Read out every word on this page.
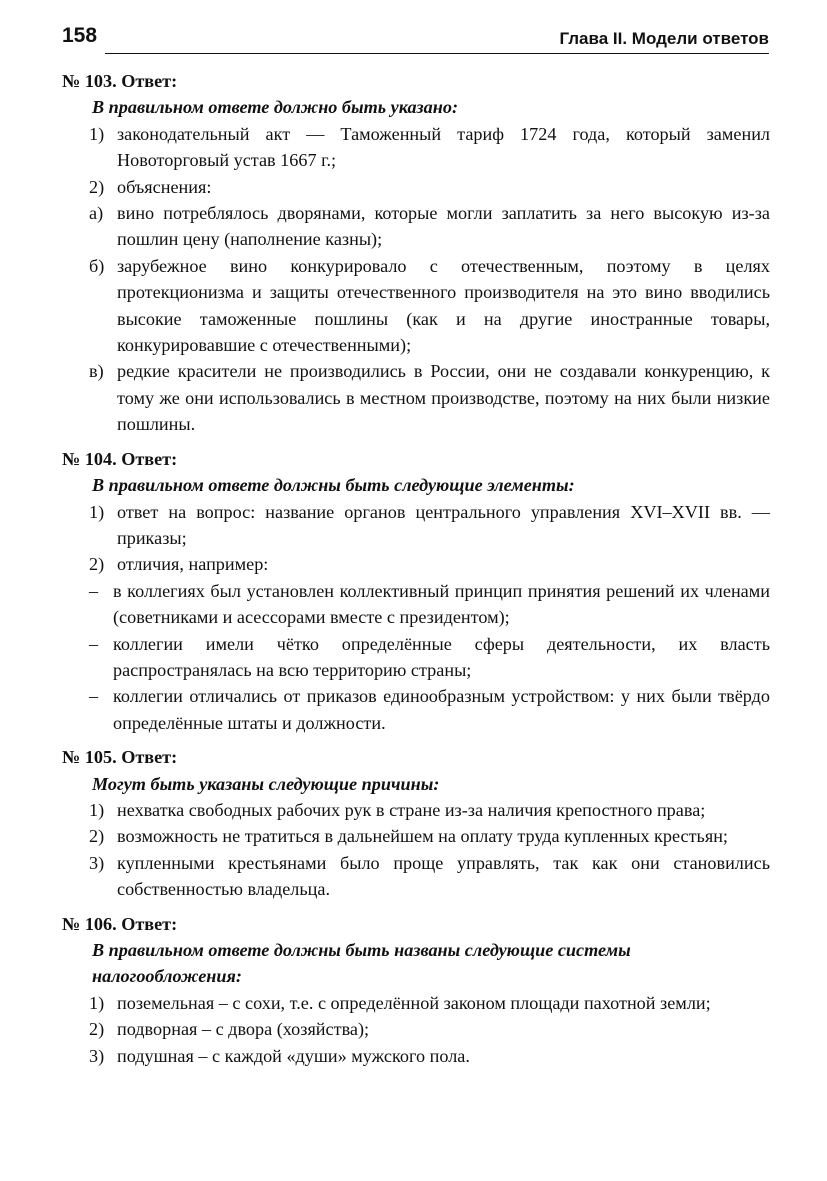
158	Глава II. Модели ответов
№ 103. Ответ:
В правильном ответе должно быть указано:
1) законодательный акт — Таможенный тариф 1724 года, который заменил Новоторговый устав 1667 г.;
2) объяснения:
а) вино потреблялось дворянами, которые могли заплатить за него высокую из-за пошлин цену (наполнение казны);
б) зарубежное вино конкурировало с отечественным, поэтому в целях протекционизма и защиты отечественного производителя на это вино вводились высокие таможенные пошлины (как и на другие иностранные товары, конкурировавшие с отечественными);
в) редкие красители не производились в России, они не создавали конкуренцию, к тому же они использовались в местном производстве, поэтому на них были низкие пошлины.
№ 104. Ответ:
В правильном ответе должны быть следующие элементы:
1) ответ на вопрос: название органов центрального управления XVI–XVII вв. — приказы;
2) отличия, например:
– в коллегиях был установлен коллективный принцип принятия решений их членами (советниками и асессорами вместе с президентом);
– коллегии имели чётко определённые сферы деятельности, их власть распространялась на всю территорию страны;
– коллегии отличались от приказов единообразным устройством: у них были твёрдо определённые штаты и должности.
№ 105. Ответ:
Могут быть указаны следующие причины:
1) нехватка свободных рабочих рук в стране из-за наличия крепостного права;
2) возможность не тратиться в дальнейшем на оплату труда купленных крестьян;
3) купленными крестьянами было проще управлять, так как они становились собственностью владельца.
№ 106. Ответ:
В правильном ответе должны быть названы следующие системы налогообложения:
1) поземельная – с сохи, т.е. с определённой законом площади пахотной земли;
2) подворная – с двора (хозяйства);
3) подушная – с каждой «души» мужского пола.
